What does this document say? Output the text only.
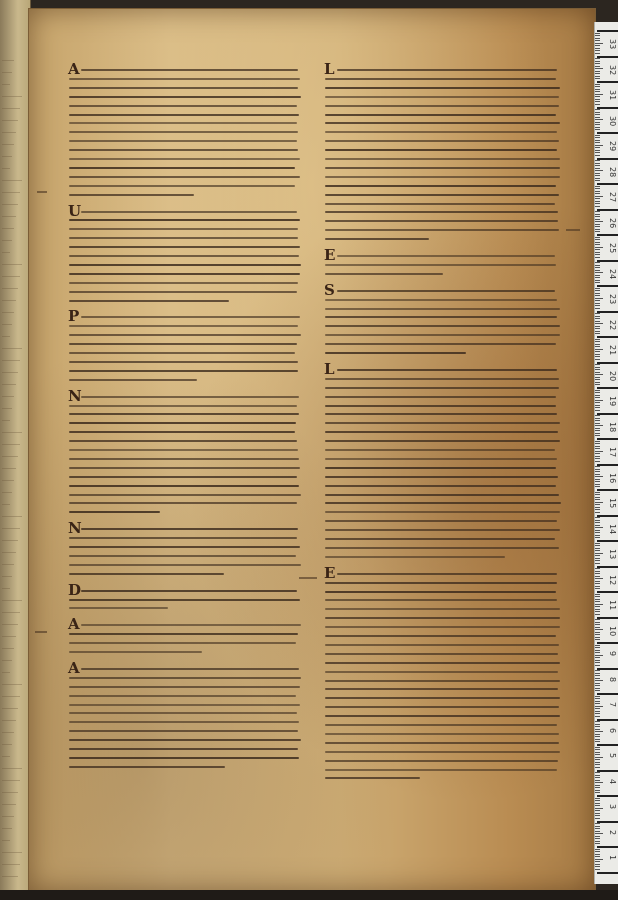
A
U
P
N
N
D
A
A
L
E
S
L
E
33
32
31
30
29
28
27
26
25
24
23
22
21
20
19
18
17
16
15
14
13
12
11
10
9
8
7
6
5
4
3
2
1
